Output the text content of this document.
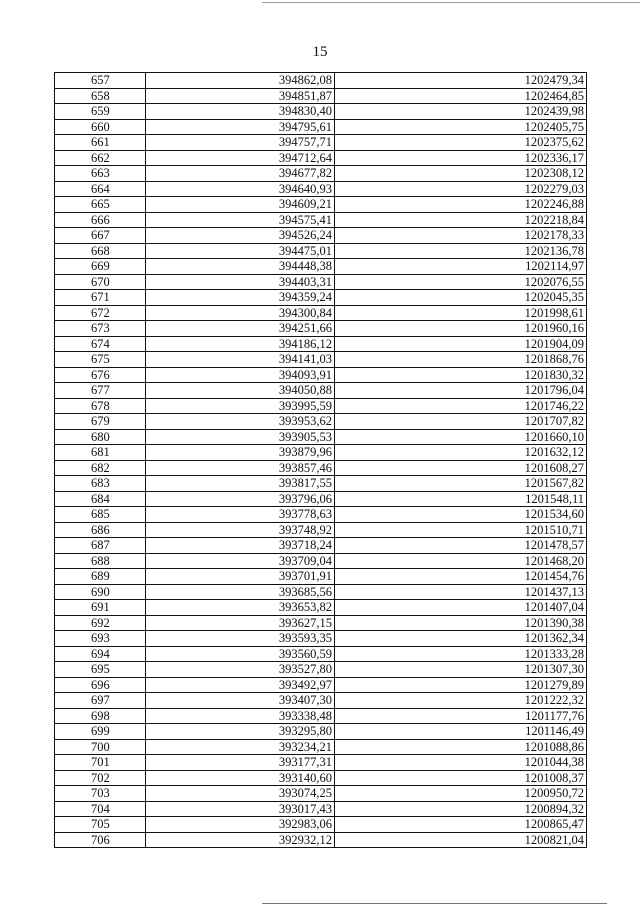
15
657	394862,08	1202479,34
658	394851,87	1202464,85
659	394830,40	1202439,98
660	394795,61	1202405,75
661	394757,71	1202375,62
662	394712,64	1202336,17
663	394677,82	1202308,12
664	394640,93	1202279,03
665	394609,21	1202246,88
666	394575,41	1202218,84
667	394526,24	1202178,33
668	394475,01	1202136,78
669	394448,38	1202114,97
670	394403,31	1202076,55
671	394359,24	1202045,35
672	394300,84	1201998,61
673	394251,66	1201960,16
674	394186,12	1201904,09
675	394141,03	1201868,76
676	394093,91	1201830,32
677	394050,88	1201796,04
678	393995,59	1201746,22
679	393953,62	1201707,82
680	393905,53	1201660,10
681	393879,96	1201632,12
682	393857,46	1201608,27
683	393817,55	1201567,82
684	393796,06	1201548,11
685	393778,63	1201534,60
686	393748,92	1201510,71
687	393718,24	1201478,57
688	393709,04	1201468,20
689	393701,91	1201454,76
690	393685,56	1201437,13
691	393653,82	1201407,04
692	393627,15	1201390,38
693	393593,35	1201362,34
694	393560,59	1201333,28
695	393527,80	1201307,30
696	393492,97	1201279,89
697	393407,30	1201222,32
698	393338,48	1201177,76
699	393295,80	1201146,49
700	393234,21	1201088,86
701	393177,31	1201044,38
702	393140,60	1201008,37
703	393074,25	1200950,72
704	393017,43	1200894,32
705	392983,06	1200865,47
706	392932,12	1200821,04
